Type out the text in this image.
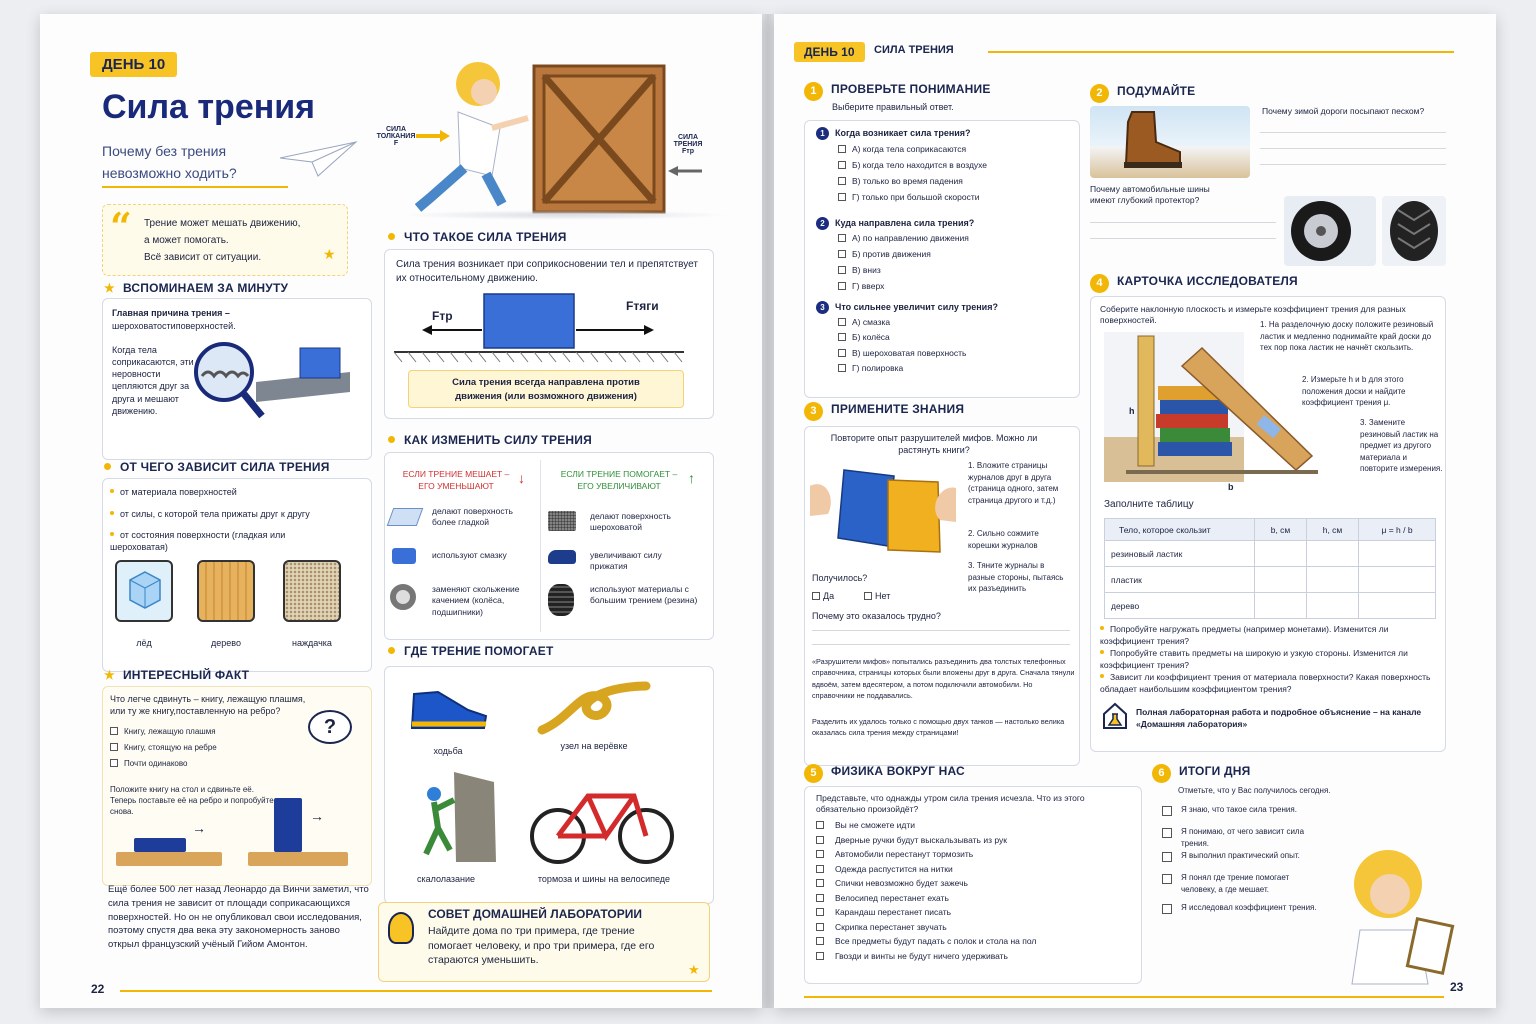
ДЕНЬ 10
Сила трения
Почему без трения невозможно ходить?
СИЛА ТОЛКАНИЯ F
СИЛА ТРЕНИЯ Fтр
“ Трение может мешать движению,
а может помогать.
Всё зависит от ситуации.	★
★ ВСПОМИНАЕМ ЗА МИНУТУ
Главная причина трения –
шероховатостиповерхностей.
Когда тела соприкасаются, эти неровности цепляются друг за друга и мешают движению.
ЧТО ТАКОЕ СИЛА ТРЕНИЯ
Сила трения возникает при соприкосновении тел и препятствует их относительному движению.
Fтр
Fтяги
Сила трения всегда направлена против движения (или возможного движения)
ОТ ЧЕГО ЗАВИСИТ СИЛА ТРЕНИЯ
от материала поверхностей
от силы, с которой тела прижаты друг к другу
от состояния поверхности (гладкая или шероховатая)
лёд	дерево	наждачка
КАК ИЗМЕНИТЬ СИЛУ ТРЕНИЯ
ЕСЛИ ТРЕНИЕ МЕШАЕТ – ЕГО УМЕНЬШАЮТ	↓	ЕСЛИ ТРЕНИЕ ПОМОГАЕТ – ЕГО УВЕЛИЧИВАЮТ	↑
делают поверхность более гладкой
используют смазку
заменяют скольжение качением (колёса, подшипники)
делают поверхность шероховатой
увеличивают силу прижатия
используют материалы с большим трением (резина)
★ ИНТЕРЕСНЫЙ ФАКТ
Что легче сдвинуть – книгу, лежащую плашмя, или ту же книгу,поставленную на ребро?
?
Книгу, лежащую плашмя
Книгу, стоящую на ребре
Почти одинаково
Положите книгу на стол и сдвиньте её. Теперь поставьте её на ребро и попробуйте снова.
→
→
Ещё более 500 лет назад Леонардо да Винчи заметил, что сила трения не зависит от площади соприкасающихся поверхностей. Но он не опубликовал свои исследования, поэтому спустя два века эту закономерность заново открыл французский учёный Гийом Амонтон.
ГДЕ ТРЕНИЕ ПОМОГАЕТ
ходьба	узел на верёвке
скалолазание	тормоза и шины на велосипеде
СОВЕТ ДОМАШНЕЙ ЛАБОРАТОРИИ
Найдите дома по три примера, где трение помогает человеку, и про три примера, где его стараются уменьшить.
★
22
ДЕНЬ 10	СИЛА ТРЕНИЯ
1 ПРОВЕРЬТЕ ПОНИМАНИЕ
Выберите правильный ответ.
1 Когда возникает сила трения?
А) когда тела соприкасаются
Б) когда тело находится в воздухе
В) только во время падения
Г) только при большой скорости
2 Куда направлена сила трения?
А) по направлению движения
Б) против движения
В) вниз
Г) вверх
3 Что сильнее увеличит силу трения?
А) смазка
Б) колёса
В) шероховатая поверхность
Г) полировка
2 ПОДУМАЙТЕ
Почему зимой дороги посыпают песком?
Почему автомобильные шины имеют глубокий протектор?
4 КАРТОЧКА ИССЛЕДОВАТЕЛЯ
Соберите наклонную плоскость и измерьте коэффициент трения для разных поверхностей.
h
b
1. На разделочную доску положите резиновый ластик и медленно поднимайте край доски до тех пор пока ластик не начнёт скользить.
2. Измерьте h и b для этого положения доски и найдите коэффициент трения μ.
3. Замените резиновый ластик на предмет из другого материала и повторите измерения.
Заполните таблицу
Тело, которое скользит	b, см	h, см	μ = h / b
резиновый ластик			
пластик			
дерево			
Попробуйте нагружать предметы (например монетами). Изменится ли коэффициент трения?
Попробуйте ставить предметы на широкую и узкую стороны. Изменится ли коэффициент трения?
Зависит ли коэффициент трения от материала поверхности? Какая поверхность обладает наибольшим коэффициентом трения?
Полная лабораторная работа и подробное объяснение – на канале «Домашняя лаборатория»
3 ПРИМЕНИТЕ ЗНАНИЯ
Повторите опыт разрушителей мифов. Можно ли растянуть книги?
1. Вложите страницы журналов друг в друга (страница одного, затем страница другого и т.д.)
2. Сильно сожмите корешки журналов
3. Тяните журналы в разные стороны, пытаясь их разъединить
Получилось?
Да	Нет
Почему это оказалось трудно?
«Разрушители мифов» попытались разъединить два толстых телефонных справочника, страницы которых были вложены друг в друга. Сначала тянули вдвоём, затем вдесятером, а потом подключили автомобили. Но справочники не поддавались.
Разделить их удалось только с помощью двух танков — настолько велика оказалась сила трения между страницами!
5 ФИЗИКА ВОКРУГ НАС
Представьте, что однажды утром сила трения исчезла. Что из этого обязательно произойдёт?
Вы не сможете идти
Дверные ручки будут выскальзывать из рук
Автомобили перестанут тормозить
Одежда распустится на нитки
Спички невозможно будет зажечь
Велосипед перестанет ехать
Карандаш перестанет писать
Скрипка перестанет звучать
Все предметы будут падать с полок и стола на пол
Гвозди и винты не будут ничего удерживать
6 ИТОГИ ДНЯ
Отметьте, что у Вас получилось сегодня.
Я знаю, что такое сила трения.
Я понимаю, от чего зависит сила трения.
Я выполнил практический опыт.
Я понял где трение помогает человеку, а где мешает.
Я исследовал коэффициент трения.
23
